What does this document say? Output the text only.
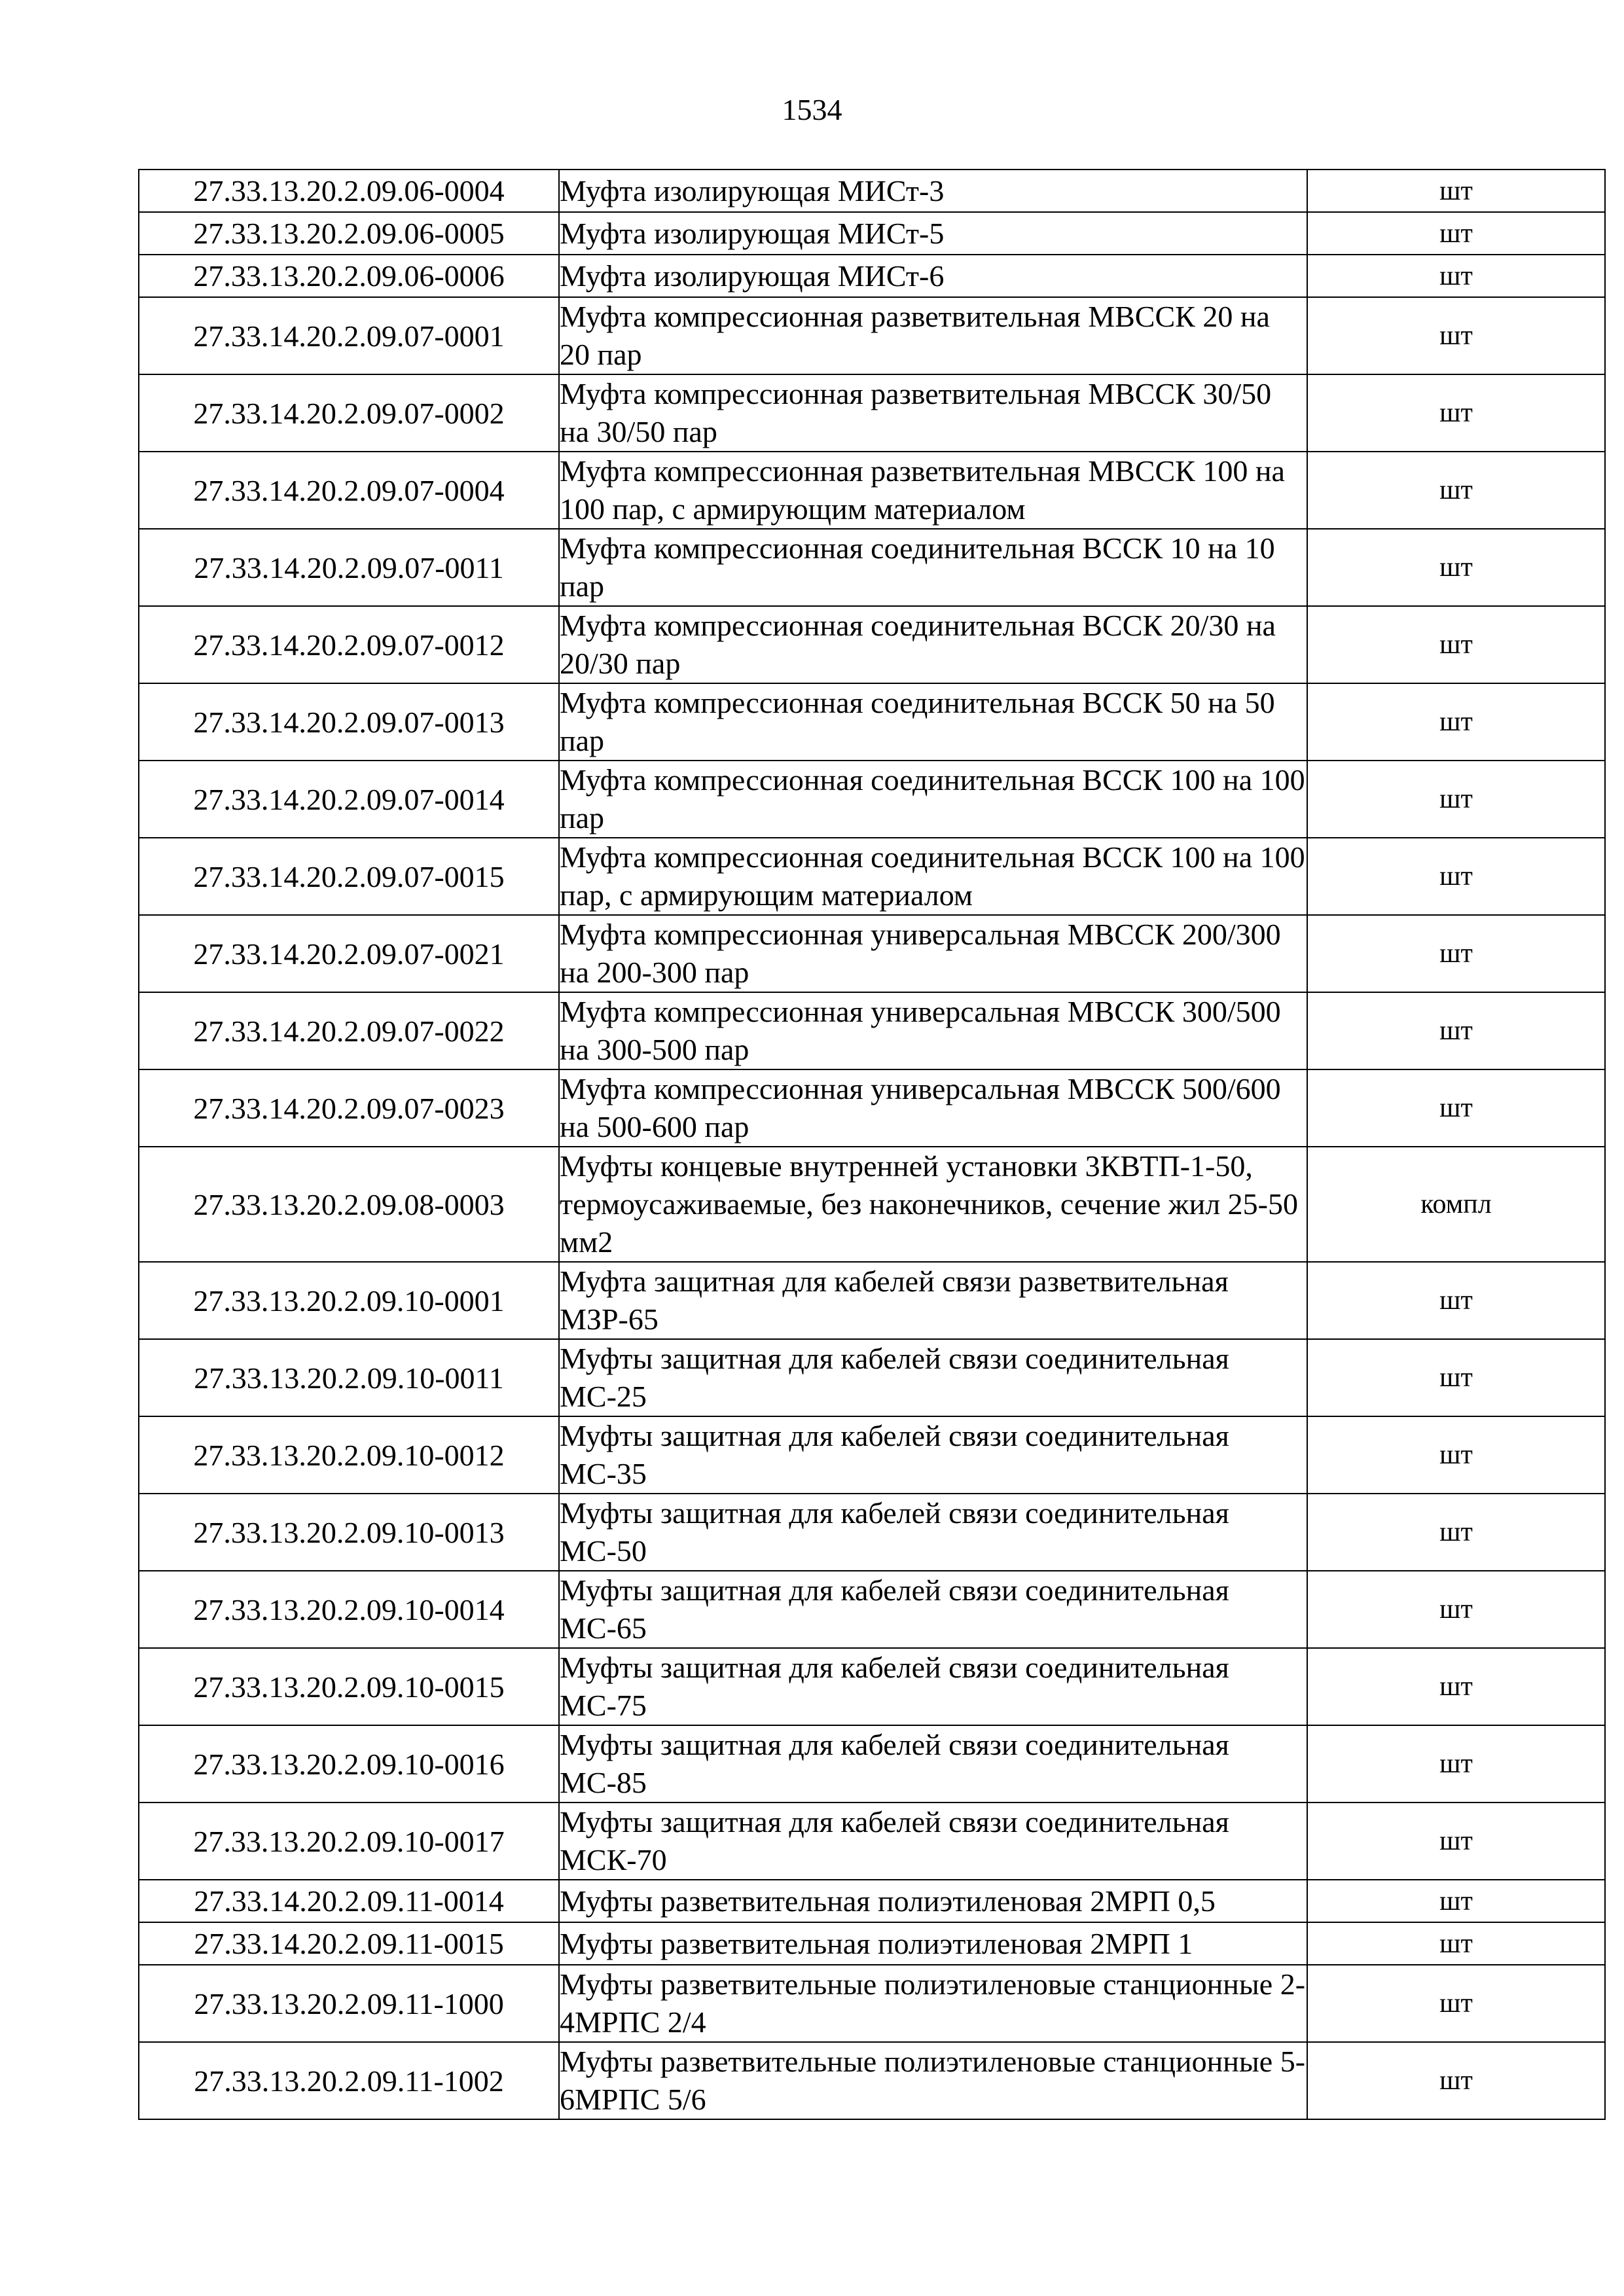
1534
27.33.13.20.2.09.06-0004	Муфта изолирующая МИСт-3	шт
27.33.13.20.2.09.06-0005	Муфта изолирующая МИСт-5	шт
27.33.13.20.2.09.06-0006	Муфта изолирующая МИСт-6	шт
27.33.14.20.2.09.07-0001	Муфта компрессионная разветвительная МВССК 20 на 20 пар	шт
27.33.14.20.2.09.07-0002	Муфта компрессионная разветвительная МВССК 30/50 на 30/50 пар	шт
27.33.14.20.2.09.07-0004	Муфта компрессионная разветвительная МВССК 100 на 100 пар, с армирующим материалом	шт
27.33.14.20.2.09.07-0011	Муфта компрессионная соединительная ВССК 10 на 10 пар	шт
27.33.14.20.2.09.07-0012	Муфта компрессионная соединительная ВССК 20/30 на 20/30 пар	шт
27.33.14.20.2.09.07-0013	Муфта компрессионная соединительная ВССК 50 на 50 пар	шт
27.33.14.20.2.09.07-0014	Муфта компрессионная соединительная ВССК 100 на 100 пар	шт
27.33.14.20.2.09.07-0015	Муфта компрессионная соединительная ВССК 100 на 100 пар, с армирующим материалом	шт
27.33.14.20.2.09.07-0021	Муфта компрессионная универсальная МВССК 200/300 на 200-300 пар	шт
27.33.14.20.2.09.07-0022	Муфта компрессионная универсальная МВССК 300/500 на 300-500 пар	шт
27.33.14.20.2.09.07-0023	Муфта компрессионная универсальная МВССК 500/600 на 500-600 пар	шт
27.33.13.20.2.09.08-0003	Муфты концевые внутренней установки 3КВТП-1-50, термоусаживаемые, без наконечников, сечение жил 25-50 мм2	компл
27.33.13.20.2.09.10-0001	Муфта защитная для кабелей связи разветвительная МЗР-65	шт
27.33.13.20.2.09.10-0011	Муфты защитная для кабелей связи соединительная МС-25	шт
27.33.13.20.2.09.10-0012	Муфты защитная для кабелей связи соединительная МС-35	шт
27.33.13.20.2.09.10-0013	Муфты защитная для кабелей связи соединительная МС-50	шт
27.33.13.20.2.09.10-0014	Муфты защитная для кабелей связи соединительная МС-65	шт
27.33.13.20.2.09.10-0015	Муфты защитная для кабелей связи соединительная МС-75	шт
27.33.13.20.2.09.10-0016	Муфты защитная для кабелей связи соединительная МС-85	шт
27.33.13.20.2.09.10-0017	Муфты защитная для кабелей связи соединительная МСК-70	шт
27.33.14.20.2.09.11-0014	Муфты разветвительная полиэтиленовая 2МРП 0,5	шт
27.33.14.20.2.09.11-0015	Муфты разветвительная полиэтиленовая 2МРП 1	шт
27.33.13.20.2.09.11-1000	Муфты разветвительные полиэтиленовые станционные 2-4МРПС 2/4	шт
27.33.13.20.2.09.11-1002	Муфты разветвительные полиэтиленовые станционные 5-6МРПС 5/6	шт
